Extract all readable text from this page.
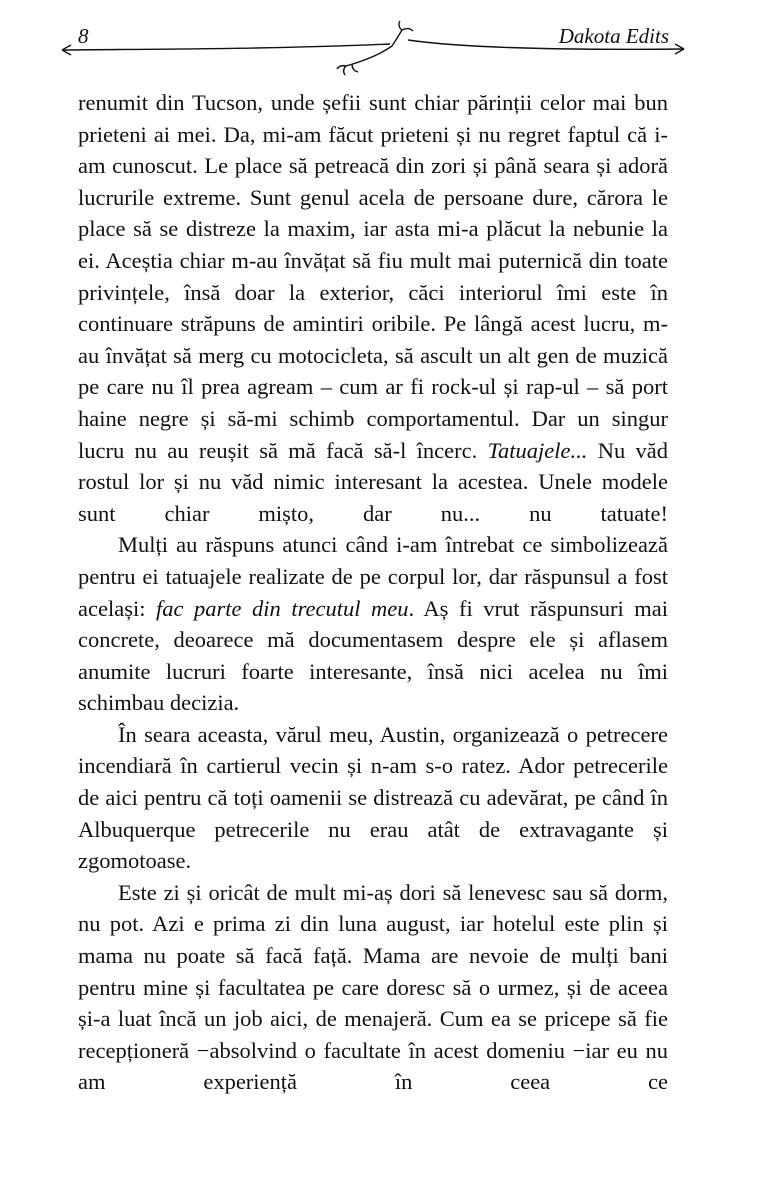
8	Dakota Edits

renumit din Tucson, unde șefii sunt chiar părinții celor mai bun prieteni ai mei. Da, mi-am făcut prieteni și nu regret faptul că i-am cunoscut. Le place să petreacă din zori și până seara și adoră lucrurile extreme. Sunt genul acela de persoane dure, cărora le place să se distreze la maxim, iar asta mi-a plăcut la nebunie la ei. Aceștia chiar m-au învățat să fiu mult mai puternică din toate privințele, însă doar la exterior, căci interiorul îmi este în continuare străpuns de amintiri oribile. Pe lângă acest lucru, m-au învățat să merg cu motocicleta, să ascult un alt gen de muzică pe care nu îl prea agream – cum ar fi rock-ul și rap-ul – să port haine negre și să-mi schimb comportamentul. Dar un singur lucru nu au reușit să mă facă să-l încerc. Tatuajele... Nu văd rostul lor și nu văd nimic interesant la acestea. Unele modele sunt chiar mișto, dar nu... nu tatuate!

Mulți au răspuns atunci când i-am întrebat ce simbolizează pentru ei tatuajele realizate de pe corpul lor, dar răspunsul a fost același: fac parte din trecutul meu. Aș fi vrut răspunsuri mai concrete, deoarece mă documentasem despre ele și aflasem anumite lucruri foarte interesante, însă nici acelea nu îmi schimbau decizia.

În seara aceasta, vărul meu, Austin, organizează o petrecere incendiară în cartierul vecin și n-am s-o ratez. Ador petrecerile de aici pentru că toți oamenii se distrează cu adevărat, pe când în Albuquerque petrecerile nu erau atât de extravagante și zgomotoase.

Este zi și oricât de mult mi-aș dori să lenevesc sau să dorm, nu pot. Azi e prima zi din luna august, iar hotelul este plin și mama nu poate să facă față. Mama are nevoie de mulți bani pentru mine și facultatea pe care doresc să o urmez, și de aceea și-a luat încă un job aici, de menajeră. Cum ea se pricepe să fie recepționeră −absolvind o facultate în acest domeniu −iar eu nu am experiență în ceea ce
